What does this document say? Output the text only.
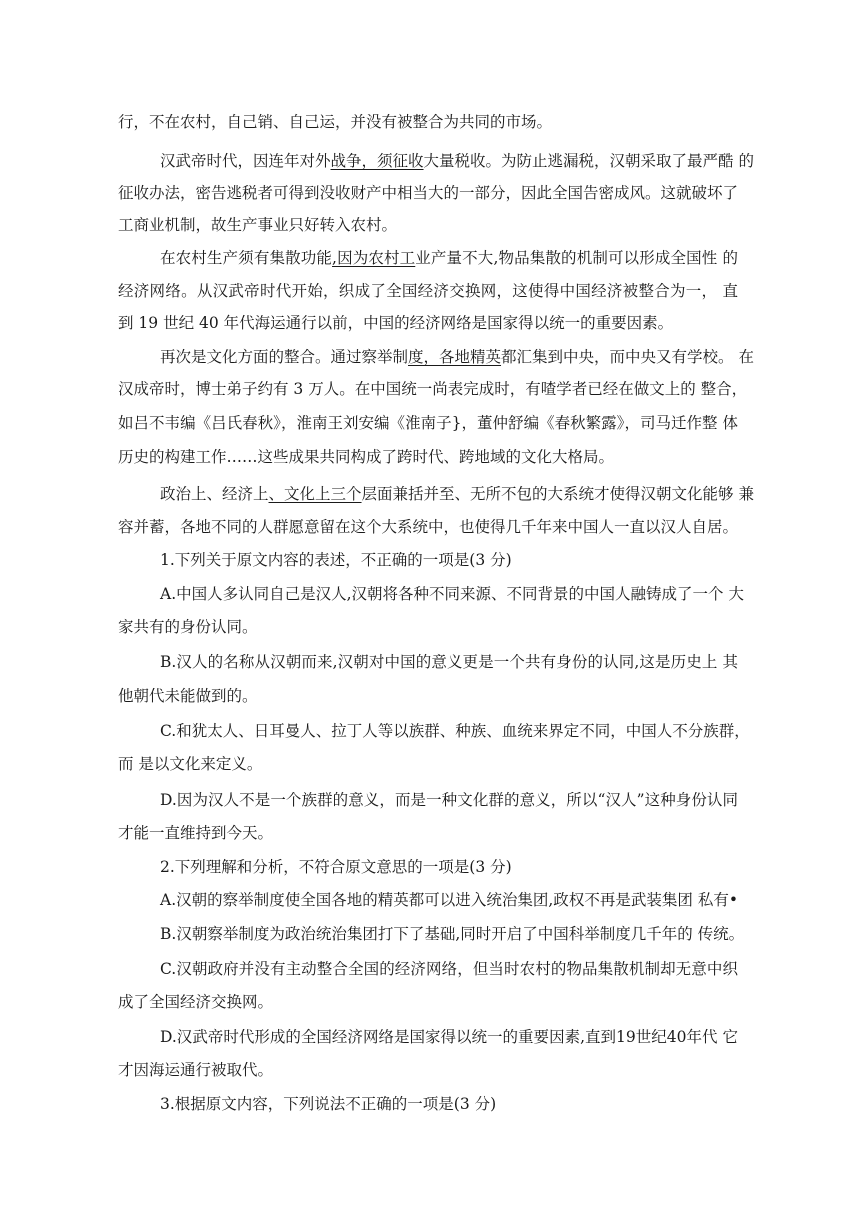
行，不在农村，自己销、自己运，并没有被整合为共同的市场。
汉武帝时代，因连年对外战争，须征收大量税收。为防止逃漏税，汉朝采取了最严酷 的
征收办法，密告逃税者可得到没收财产中相当大的一部分，因此全国告密成风。这就破坏了
工商业机制，故生产事业只好转入农村。
在农村生产须有集散功能,因为农村工业产量不大,物品集散的机制可以形成全国性 的
经济网络。从汉武帝时代开始，织成了全国经济交换网，这使得中国经济被整合为一， 直
到 19 世纪 40 年代海运通行以前，中国的经济网络是国家得以统一的重要因素。
再次是文化方面的整合。通过察举制度，各地精英都汇集到中央，而中央又有学校。 在
汉成帝时，博士弟子约有 3 万人。在中国统一尚表完成时，有喳学者已经在做文上的 整合，
如吕不韦编《吕氏春秋》，淮南王刘安编《淮南子}，董仲舒编《春秋繁露》，司马迁作整 体
历史的构建工作……这些成果共同构成了跨时代、跨地域的文化大格局。
政治上、经济上、文化上三个层面兼括并至、无所不包的大系统才使得汉朝文化能够 兼
容并蓄，各地不同的人群愿意留在这个大系统中，也使得几千年来中国人一直以汉人自居。
1.下列关于原文内容的表述，不正确的一项是(3 分)
A.中国人多认同自己是汉人,汉朝将各种不同来源、不同背景的中国人融铸成了一个 大
家共有的身份认同。
B.汉人的名称从汉朝而来,汉朝对中国的意义更是一个共有身份的认同,这是历史上 其
他朝代未能做到的。
C.和犹太人、日耳曼人、拉丁人等以族群、种族、血统来界定不同，中国人不分族群，
而 是以文化来定义。
D.因为汉人不是一个族群的意义，而是一种文化群的意义，所以“汉人”这种身份认同
才能一直维持到今天。
2.下列理解和分析，不符合原文意思的一项是(3 分)
A.汉朝的察举制度使全国各地的精英都可以进入统治集团,政权不再是武装集团 私有•
B.汉朝察举制度为政治统治集团打下了基础,同时开启了中国科举制度几千年的 传统。
C.汉朝政府并没有主动整合全国的经济网络，但当时农村的物品集散机制却无意中织
成了全国经济交换网。
D.汉武帝时代形成的全国经济网络是国家得以统一的重要因素,直到19世纪40年代 它
才因海运通行被取代。
3.根据原文内容，下列说法不正确的一项是(3 分)
